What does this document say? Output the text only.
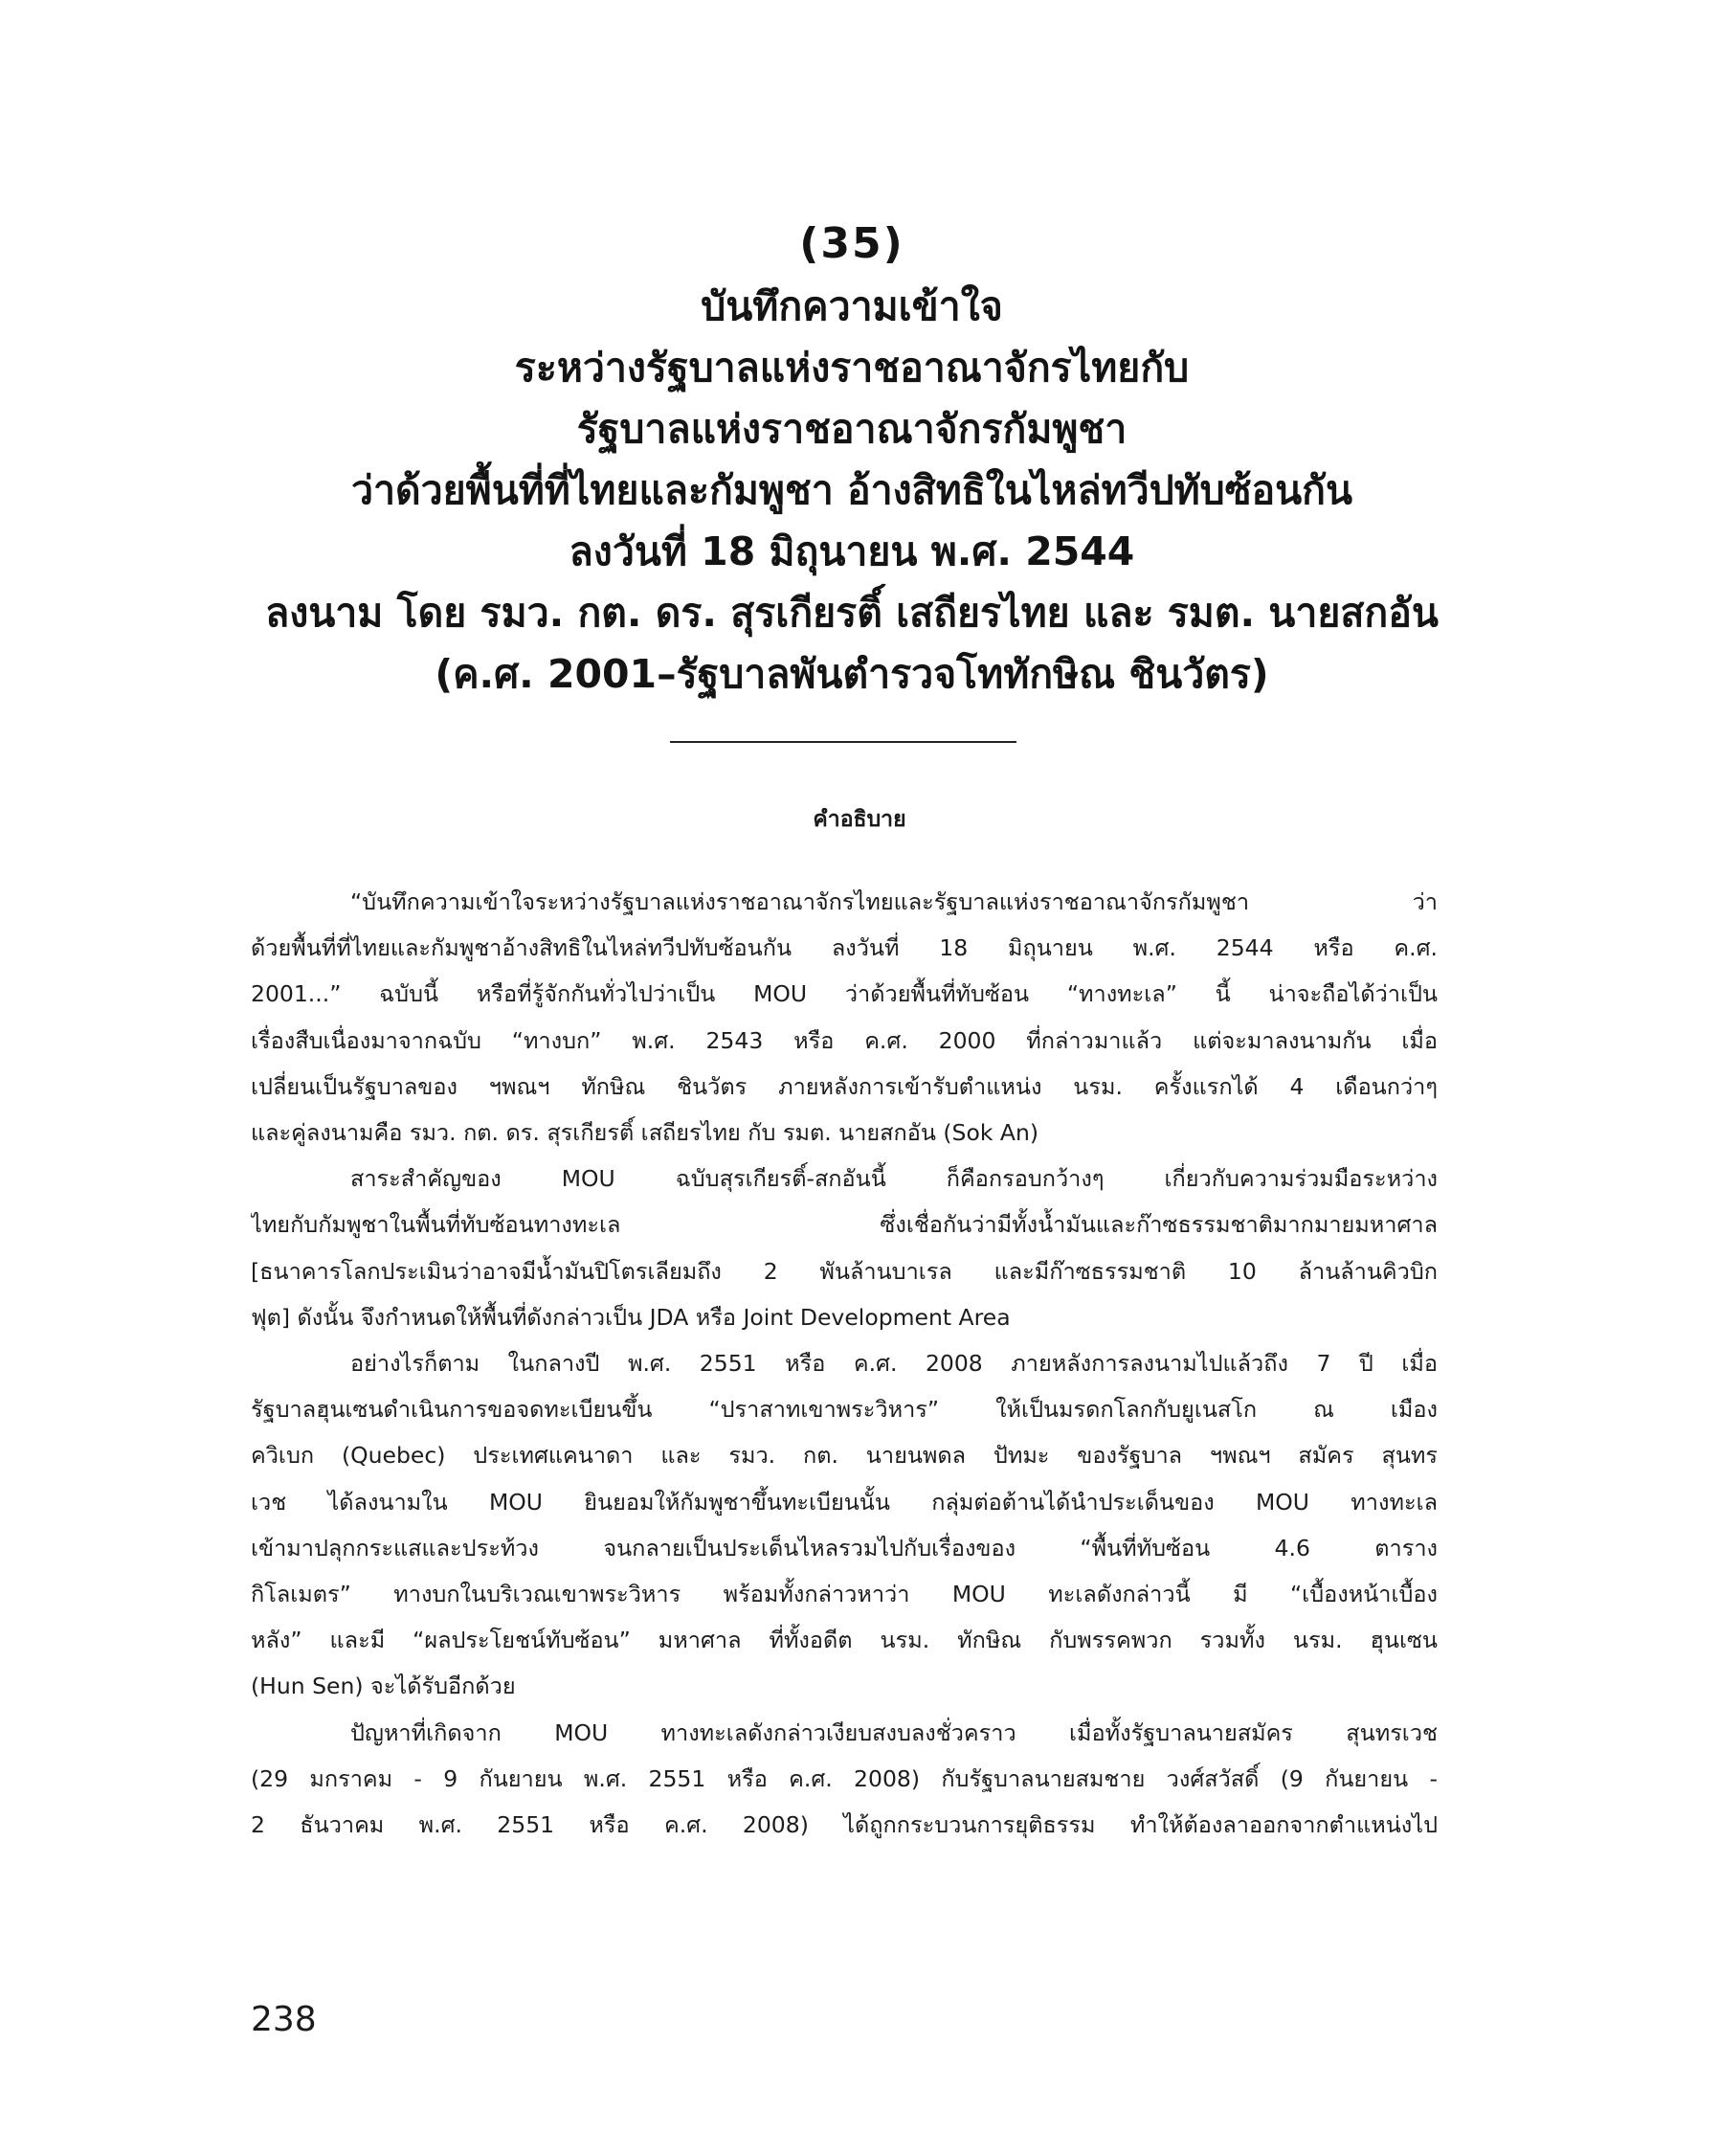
(35)
บันทึกความเข้าใจ
ระหว่างรัฐบาลแห่งราชอาณาจักรไทยกับ
รัฐบาลแห่งราชอาณาจักรกัมพูชา
ว่าด้วยพื้นที่ที่ไทยและกัมพูชา อ้างสิทธิในไหล่ทวีปทับซ้อนกัน
ลงวันที่ 18 มิถุนายน พ.ศ. 2544
ลงนาม โดย รมว. กต. ดร. สุรเกียรติ์ เสถียรไทย และ รมต. นายสกอัน
(ค.ศ. 2001–รัฐบาลพันตำรวจโททักษิณ ชินวัตร)
คำอธิบาย
“บันทึกความเข้าใจระหว่างรัฐบาลแห่งราชอาณาจักรไทยและรัฐบาลแห่งราชอาณาจักรกัมพูชา ว่า
ด้วยพื้นที่ที่ไทยและกัมพูชาอ้างสิทธิในไหล่ทวีปทับซ้อนกัน ลงวันที่ 18 มิถุนายน พ.ศ. 2544 หรือ ค.ศ.
2001...” ฉบับนี้ หรือที่รู้จักกันทั่วไปว่าเป็น MOU ว่าด้วยพื้นที่ทับซ้อน “ทางทะเล” นี้ น่าจะถือได้ว่าเป็น
เรื่องสืบเนื่องมาจากฉบับ “ทางบก” พ.ศ. 2543 หรือ ค.ศ. 2000 ที่กล่าวมาแล้ว แต่จะมาลงนามกัน เมื่อ
เปลี่ยนเป็นรัฐบาลของ ฯพณฯ ทักษิณ ชินวัตร ภายหลังการเข้ารับตำแหน่ง นรม. ครั้งแรกได้ 4 เดือนกว่าๆ
และคู่ลงนามคือ รมว. กต. ดร. สุรเกียรติ์ เสถียรไทย กับ รมต. นายสกอัน (Sok An)
สาระสำคัญของ MOU ฉบับสุรเกียรติ์-สกอันนี้ ก็คือกรอบกว้างๆ เกี่ยวกับความร่วมมือระหว่าง
ไทยกับกัมพูชาในพื้นที่ทับซ้อนทางทะเล ซึ่งเชื่อกันว่ามีทั้งน้ำมันและก๊าซธรรมชาติมากมายมหาศาล
[ธนาคารโลกประเมินว่าอาจมีน้ำมันปิโตรเลียมถึง 2 พันล้านบาเรล และมีก๊าซธรรมชาติ 10 ล้านล้านคิวบิก
ฟุต] ดังนั้น จึงกำหนดให้พื้นที่ดังกล่าวเป็น JDA หรือ Joint Development Area
อย่างไรก็ตาม ในกลางปี พ.ศ. 2551 หรือ ค.ศ. 2008 ภายหลังการลงนามไปแล้วถึง 7 ปี เมื่อ
รัฐบาลฮุนเซนดำเนินการขอจดทะเบียนขึ้น “ปราสาทเขาพระวิหาร” ให้เป็นมรดกโลกกับยูเนสโก ณ เมือง
ควิเบก (Quebec) ประเทศแคนาดา และ รมว. กต. นายนพดล ปัทมะ ของรัฐบาล ฯพณฯ สมัคร สุนทร
เวช ได้ลงนามใน MOU ยินยอมให้กัมพูชาขึ้นทะเบียนนั้น กลุ่มต่อต้านได้นำประเด็นของ MOU ทางทะเล
เข้ามาปลุกกระแสและประท้วง จนกลายเป็นประเด็นไหลรวมไปกับเรื่องของ “พื้นที่ทับซ้อน 4.6 ตาราง
กิโลเมตร” ทางบกในบริเวณเขาพระวิหาร พร้อมทั้งกล่าวหาว่า MOU ทะเลดังกล่าวนี้ มี “เบื้องหน้าเบื้อง
หลัง” และมี “ผลประโยชน์ทับซ้อน” มหาศาล ที่ทั้งอดีต นรม. ทักษิณ กับพรรคพวก รวมทั้ง นรม. ฮุนเซน
(Hun Sen) จะได้รับอีกด้วย
ปัญหาที่เกิดจาก MOU ทางทะเลดังกล่าวเงียบสงบลงชั่วคราว เมื่อทั้งรัฐบาลนายสมัคร สุนทรเวช
(29 มกราคม - 9 กันยายน พ.ศ. 2551 หรือ ค.ศ. 2008) กับรัฐบาลนายสมชาย วงศ์สวัสดิ์ (9 กันยายน -
2 ธันวาคม พ.ศ. 2551 หรือ ค.ศ. 2008) ได้ถูกกระบวนการยุติธรรม ทำให้ต้องลาออกจากตำแหน่งไป
238
